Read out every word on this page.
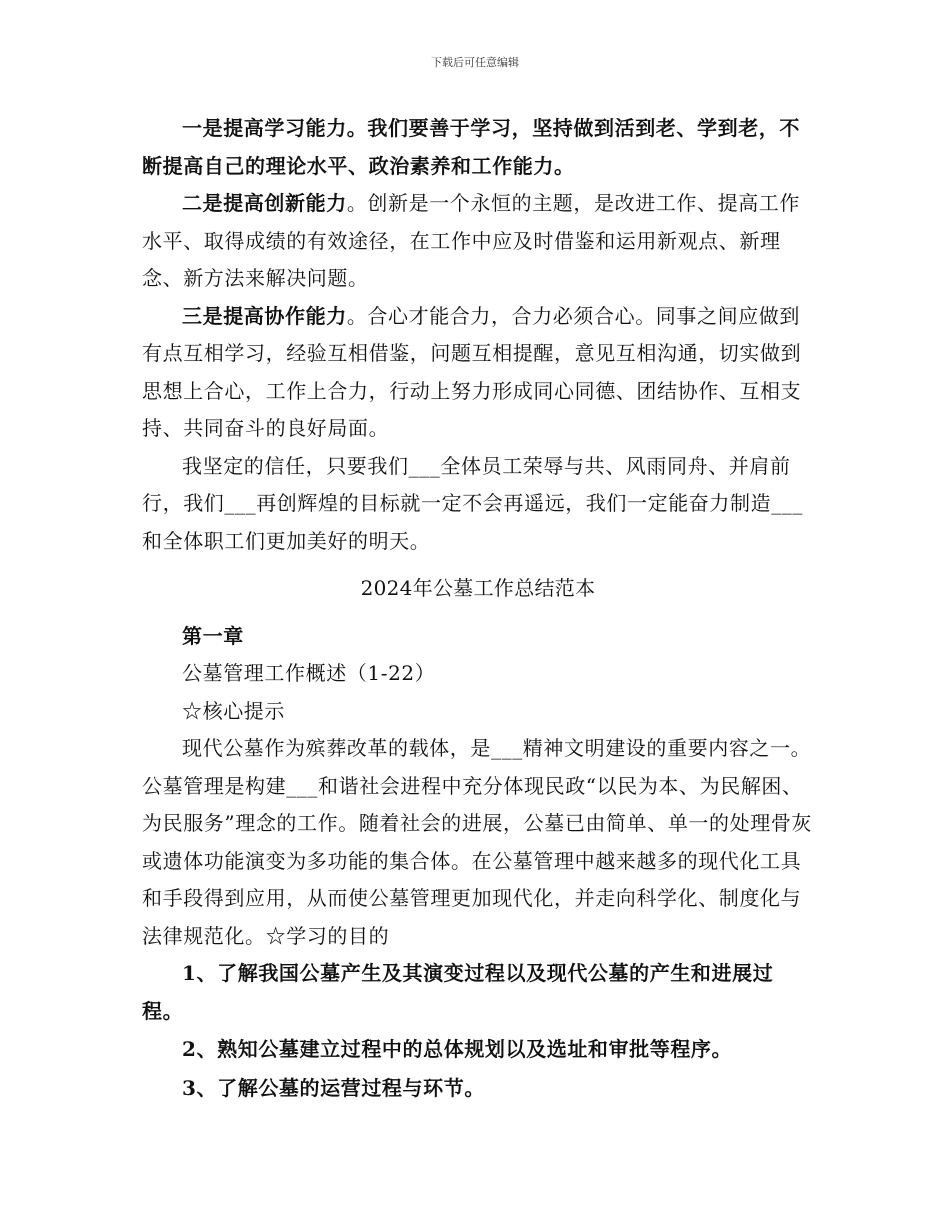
下载后可任意编辑

一是提高学习能力。我们要善于学习，坚持做到活到老、学到老，不断提高自己的理论水平、政治素养和工作能力。

二是提高创新能力。创新是一个永恒的主题，是改进工作、提高工作水平、取得成绩的有效途径，在工作中应及时借鉴和运用新观点、新理念、新方法来解决问题。

三是提高协作能力。合心才能合力，合力必须合心。同事之间应做到有点互相学习，经验互相借鉴，问题互相提醒，意见互相沟通，切实做到思想上合心，工作上合力，行动上努力形成同心同德、团结协作、互相支持、共同奋斗的良好局面。

我坚定的信任，只要我们___全体员工荣辱与共、风雨同舟、并肩前行，我们___再创辉煌的目标就一定不会再遥远，我们一定能奋力制造___和全体职工们更加美好的明天。

2024年公墓工作总结范本

第一章

公墓管理工作概述（1-22）

☆核心提示

现代公墓作为殡葬改革的载体，是___精神文明建设的重要内容之一。公墓管理是构建___和谐社会进程中充分体现民政“以民为本、为民解困、为民服务”理念的工作。随着社会的进展，公墓已由简单、单一的处理骨灰或遗体功能演变为多功能的集合体。在公墓管理中越来越多的现代化工具和手段得到应用，从而使公墓管理更加现代化，并走向科学化、制度化与法律规范化。☆学习的目的

1、了解我国公墓产生及其演变过程以及现代公墓的产生和进展过程。

2、熟知公墓建立过程中的总体规划以及选址和审批等程序。

3、了解公墓的运营过程与环节。
